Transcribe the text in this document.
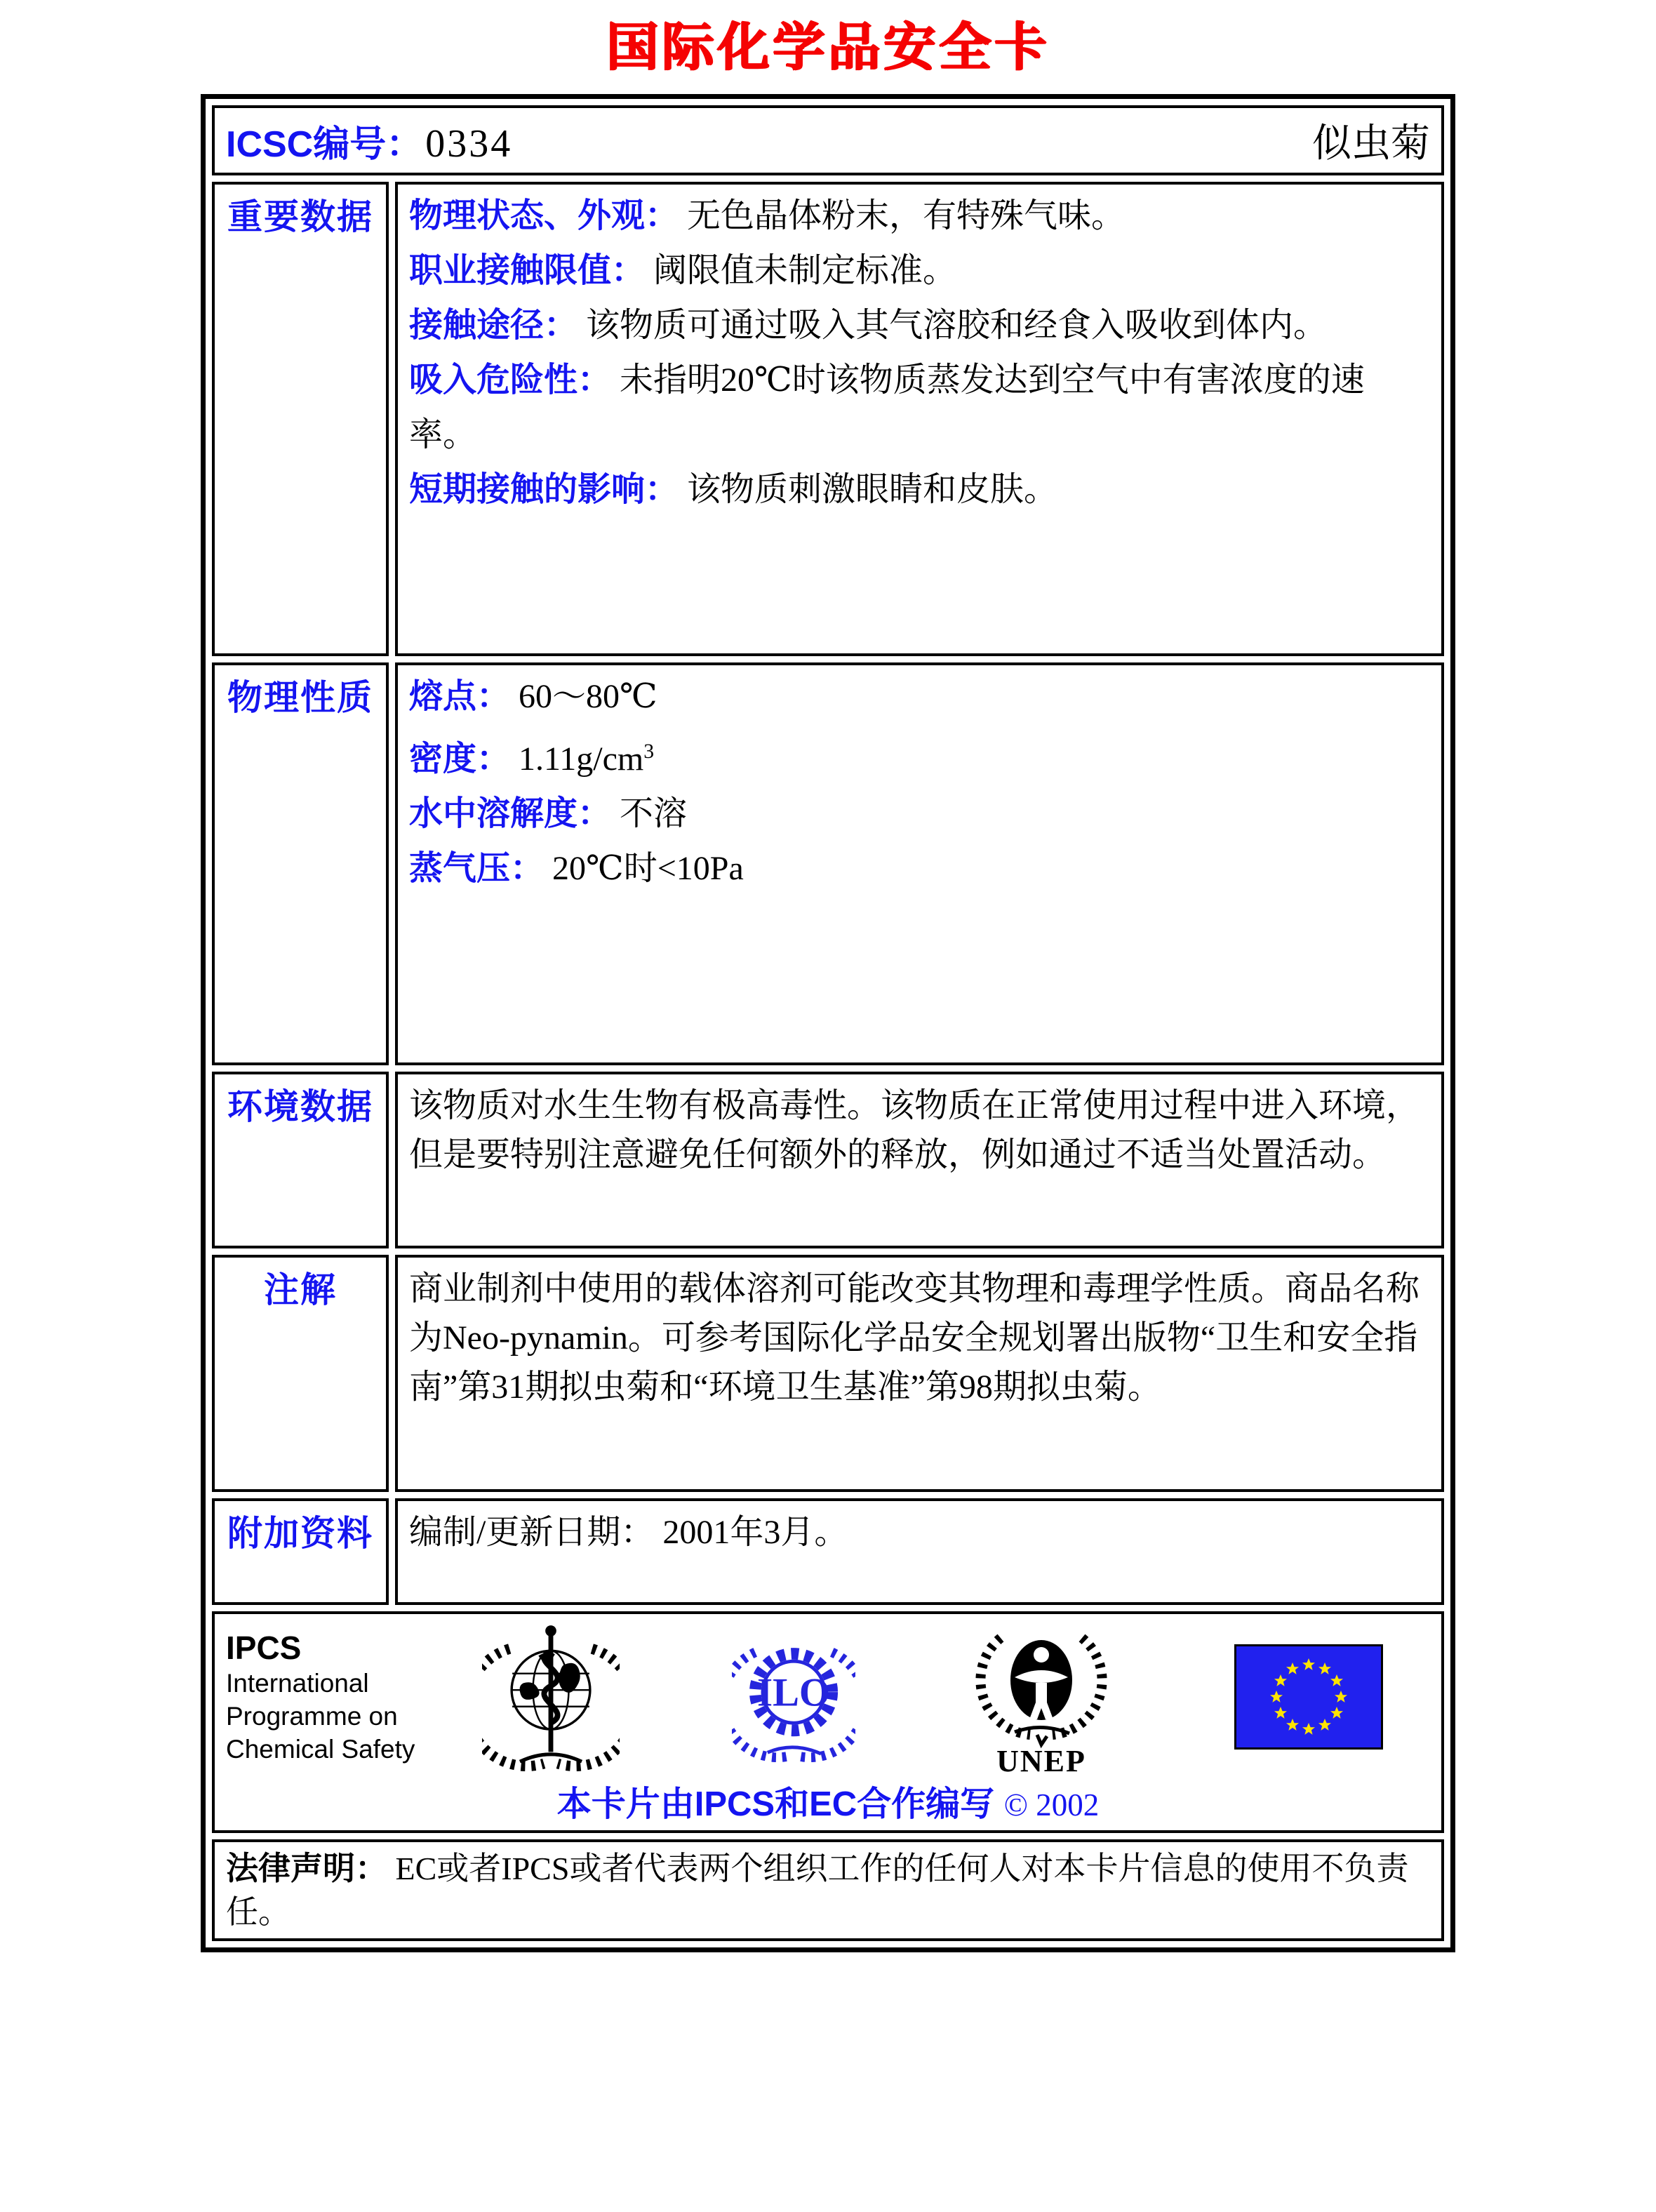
国际化学品安全卡
ICSC编号： 0334 似虫菊	

重要数据	物理状态、外观： 无色晶体粉末，有特殊气味。
职业接触限值： 阈限值未制定标准。
接触途径： 该物质可通过吸入其气溶胶和经食入吸收到体内。
吸入危险性： 未指明20℃时该物质蒸发达到空气中有害浓度的速率。
短期接触的影响： 该物质刺激眼睛和皮肤。

物理性质	熔点： 60～80℃
密度： $1.11g/cm^3$
水中溶解度： 不溶
蒸气压： 20℃时<10Pa

环境数据	该物质对水生生物有极高毒性。该物质在正常使用过程中进入环境，但是要特别注意避免任何额外的释放，例如通过不适当处置活动。

注解	商业制剂中使用的载体溶剂可能改变其物理和毒理学性质。商品名称为Neo-pynamin。可参考国际化学品安全规划署出版物“卫生和安全指南”第31期拟虫菊和“环境卫生基准”第98期拟虫菊。

附加资料	编制/更新日期： 2001年3月。

IPCS
International
Programme on
Chemical Safety
ILO
UNEP
本卡片由IPCS和EC合作编写 © 2002

法律声明： EC或者IPCS或者代表两个组织工作的任何人对本卡片信息的使用不负责任。	
